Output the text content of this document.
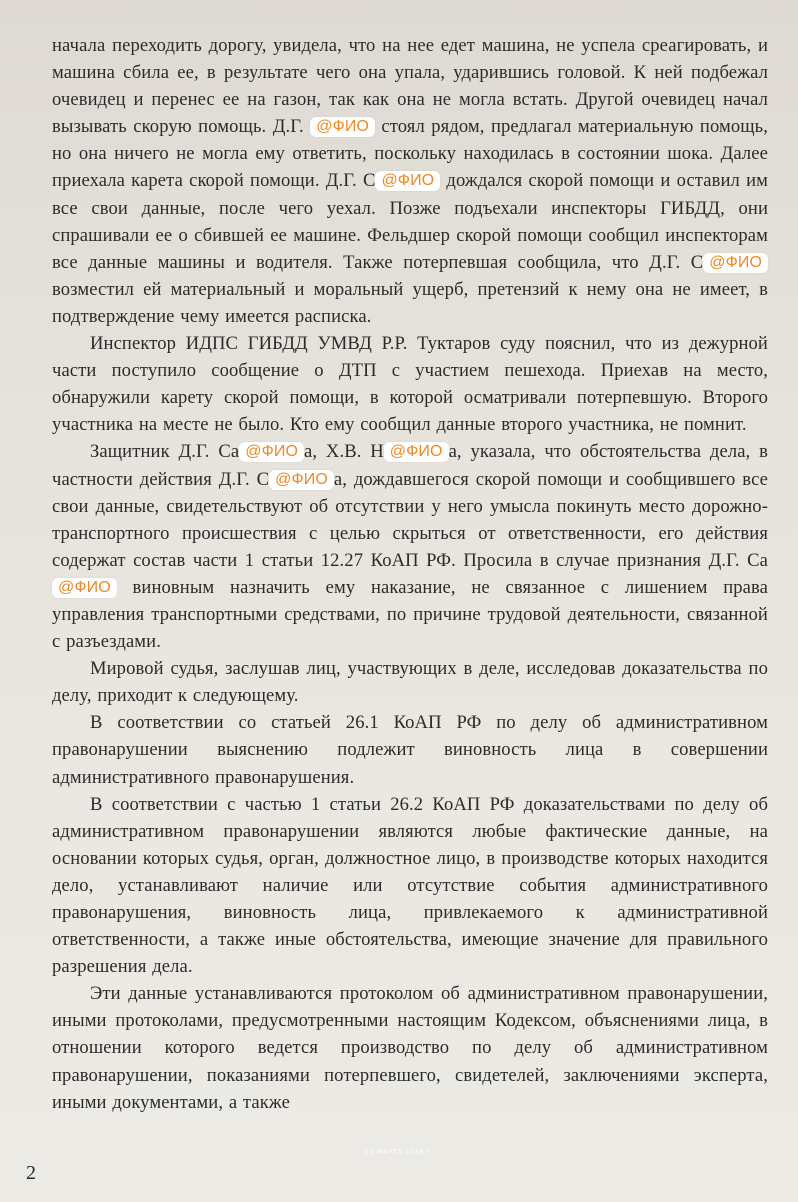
начала переходить дорогу, увидела, что на нее едет машина, не успела среагировать, и машина сбила ее, в результате чего она упала, ударившись головой. К ней подбежал очевидец и перенес ее на газон, так как она не могла встать. Другой очевидец начал вызывать скорую помощь. Д.Г. @ФИО стоял рядом, предлагал материальную помощь, но она ничего не могла ему ответить, поскольку находилась в состоянии шока. Далее приехала карета скорой помощи. Д.Г. С @ФИО дождался скорой помощи и оставил им все свои данные, после чего уехал. Позже подъехали инспекторы ГИБДД, они спрашивали ее о сбившей ее машине. Фельдшер скорой помощи сообщил инспекторам все данные машины и водителя. Также потерпевшая сообщила, что Д.Г. С @ФИО возместил ей материальный и моральный ущерб, претензий к нему она не имеет, в подтверждение чему имеется расписка.

Инспектор ИДПС ГИБДД УМВД Р.Р. Туктаров суду пояснил, что из дежурной части поступило сообщение о ДТП с участием пешехода. Приехав на место, обнаружили карету скорой помощи, в которой осматривали потерпевшую. Второго участника на месте не было. Кто ему сообщил данные второго участника, не помнит.

Защитник Д.Г. Са @ФИО а, Х.В. Н @ФИО а, указала, что обстоятельства дела, в частности действия Д.Г. С @ФИО а, дождавшегося скорой помощи и сообщившего все свои данные, свидетельствуют об отсутствии у него умысла покинуть место дорожно-транспортного происшествия с целью скрыться от ответственности, его действия содержат состав части 1 статьи 12.27 КоАП РФ. Просила в случае признания Д.Г. Са@ФИО виновным назначить ему наказание, не связанное с лишением права управления транспортными средствами, по причине трудовой деятельности, связанной с разъездами.

Мировой судья, заслушав лиц, участвующих в деле, исследовав доказательства по делу, приходит к следующему.

В соответствии со статьей 26.1 КоАП РФ по делу об административном правонарушении выяснению подлежит виновность лица в совершении административного правонарушения.

В соответствии с частью 1 статьи 26.2 КоАП РФ доказательствами по делу об административном правонарушении являются любые фактические данные, на основании которых судья, орган, должностное лицо, в производстве которых находится дело, устанавливают наличие или отсутствие события административного правонарушения, виновность лица, привлекаемого к административной ответственности, а также иные обстоятельства, имеющие значение для правильного разрешения дела.

Эти данные устанавливаются протоколом об административном правонарушении, иными протоколами, предусмотренными настоящим Кодексом, объяснениями лица, в отношении которого ведется производство по делу об административном правонарушении, показаниями потерпевшего, свидетелей, заключениями эксперта, иными документами, а также

15 МАРТА 2018 Г.
2
